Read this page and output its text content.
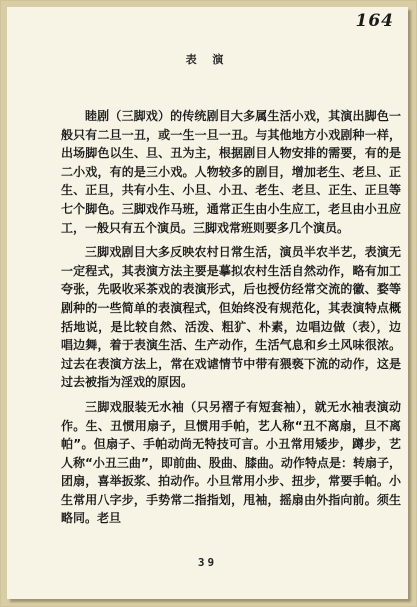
164
表 演

睦剧（三脚戏）的传统剧目大多属生活小戏，其演出脚色一般只有二旦一丑，或一生一旦一丑。与其他地方小戏剧种一样，出场脚色以生、旦、丑为主，根据剧目人物安排的需要，有的是二小戏，有的是三小戏。人物较多的剧目，增加老生、老旦、正生、正旦，共有小生、小旦、小丑、老生、老旦、正生、正旦等七个脚色。三脚戏作马班，通常正生由小生应工，老旦由小丑应工，一般只有五个演员。三脚戏常班则要多几个演员。

三脚戏剧目大多反映农村日常生活，演员半农半艺，表演无一定程式，其表演方法主要是摹拟农村生活自然动作，略有加工夸张，先吸收采茶戏的表演形式，后也授仿经常交流的徽、婺等剧种的一些简单的表演程式，但始终没有规范化，其表演特点概括地说，是比较自然、活泼、粗犷、朴素，边唱边做（表），边唱边舞，着于表演生活、生产动作，生活气息和乡土风味很浓。过去在表演方法上，常在戏谑情节中带有猥亵下流的动作，这是过去被指为淫戏的原因。

三脚戏服装无水袖（只另褶子有短套袖），就无水袖表演动作。生、丑惯用扇子，旦惯用手帕，艺人称“丑不离扇，旦不离帕”。但扇子、手帕动尚无特技可言。小丑常用矮步，蹲步，艺人称“小丑三曲”，即前曲、股曲、膝曲。动作特点是：转扇子，团扇，喜举扳浆、拍动作。小旦常用小步、扭步，常要手帕。小生常用八字步，手势常二指指划，甩袖，摇扇由外指向前。须生略同。老旦

39
